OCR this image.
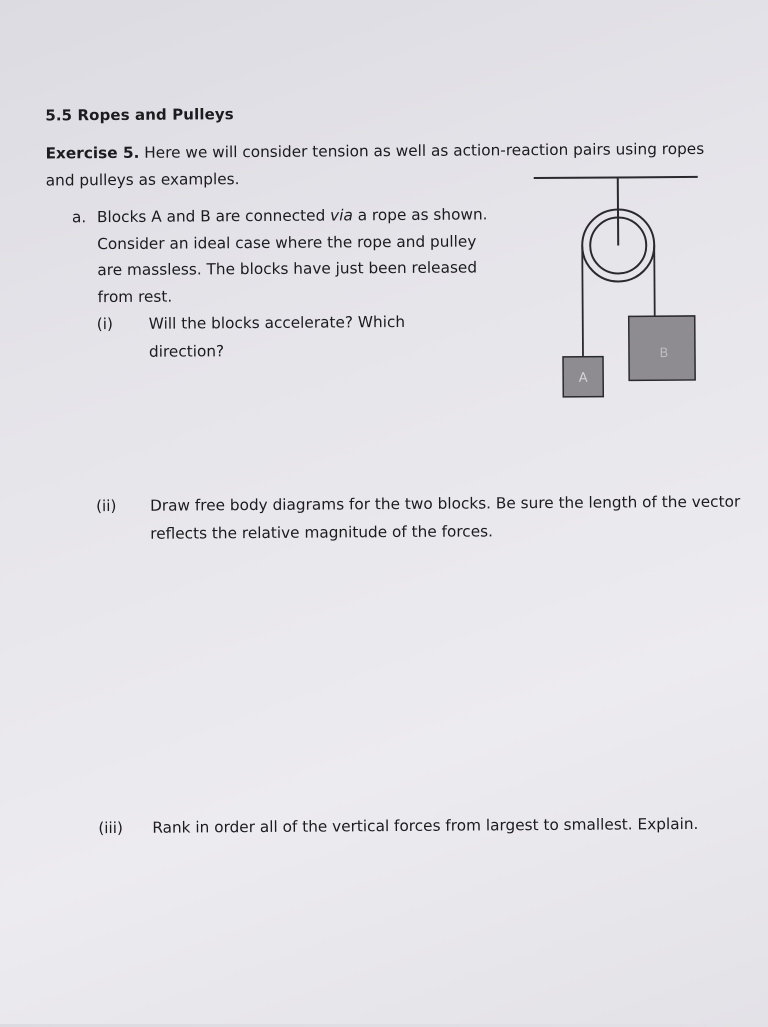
5.5 Ropes and Pulleys
Exercise 5. Here we will consider tension as well as action-reaction pairs using ropes and pulleys as examples.
a. Blocks A and B are connected via a rope as shown. Consider an ideal case where the rope and pulley are massless. The blocks have just been released from rest.
(i) Will the blocks accelerate? Which direction?
(ii) Draw free body diagrams for the two blocks. Be sure the length of the vector reflects the relative magnitude of the forces.
(iii) Rank in order all of the vertical forces from largest to smallest. Explain.
A
B
